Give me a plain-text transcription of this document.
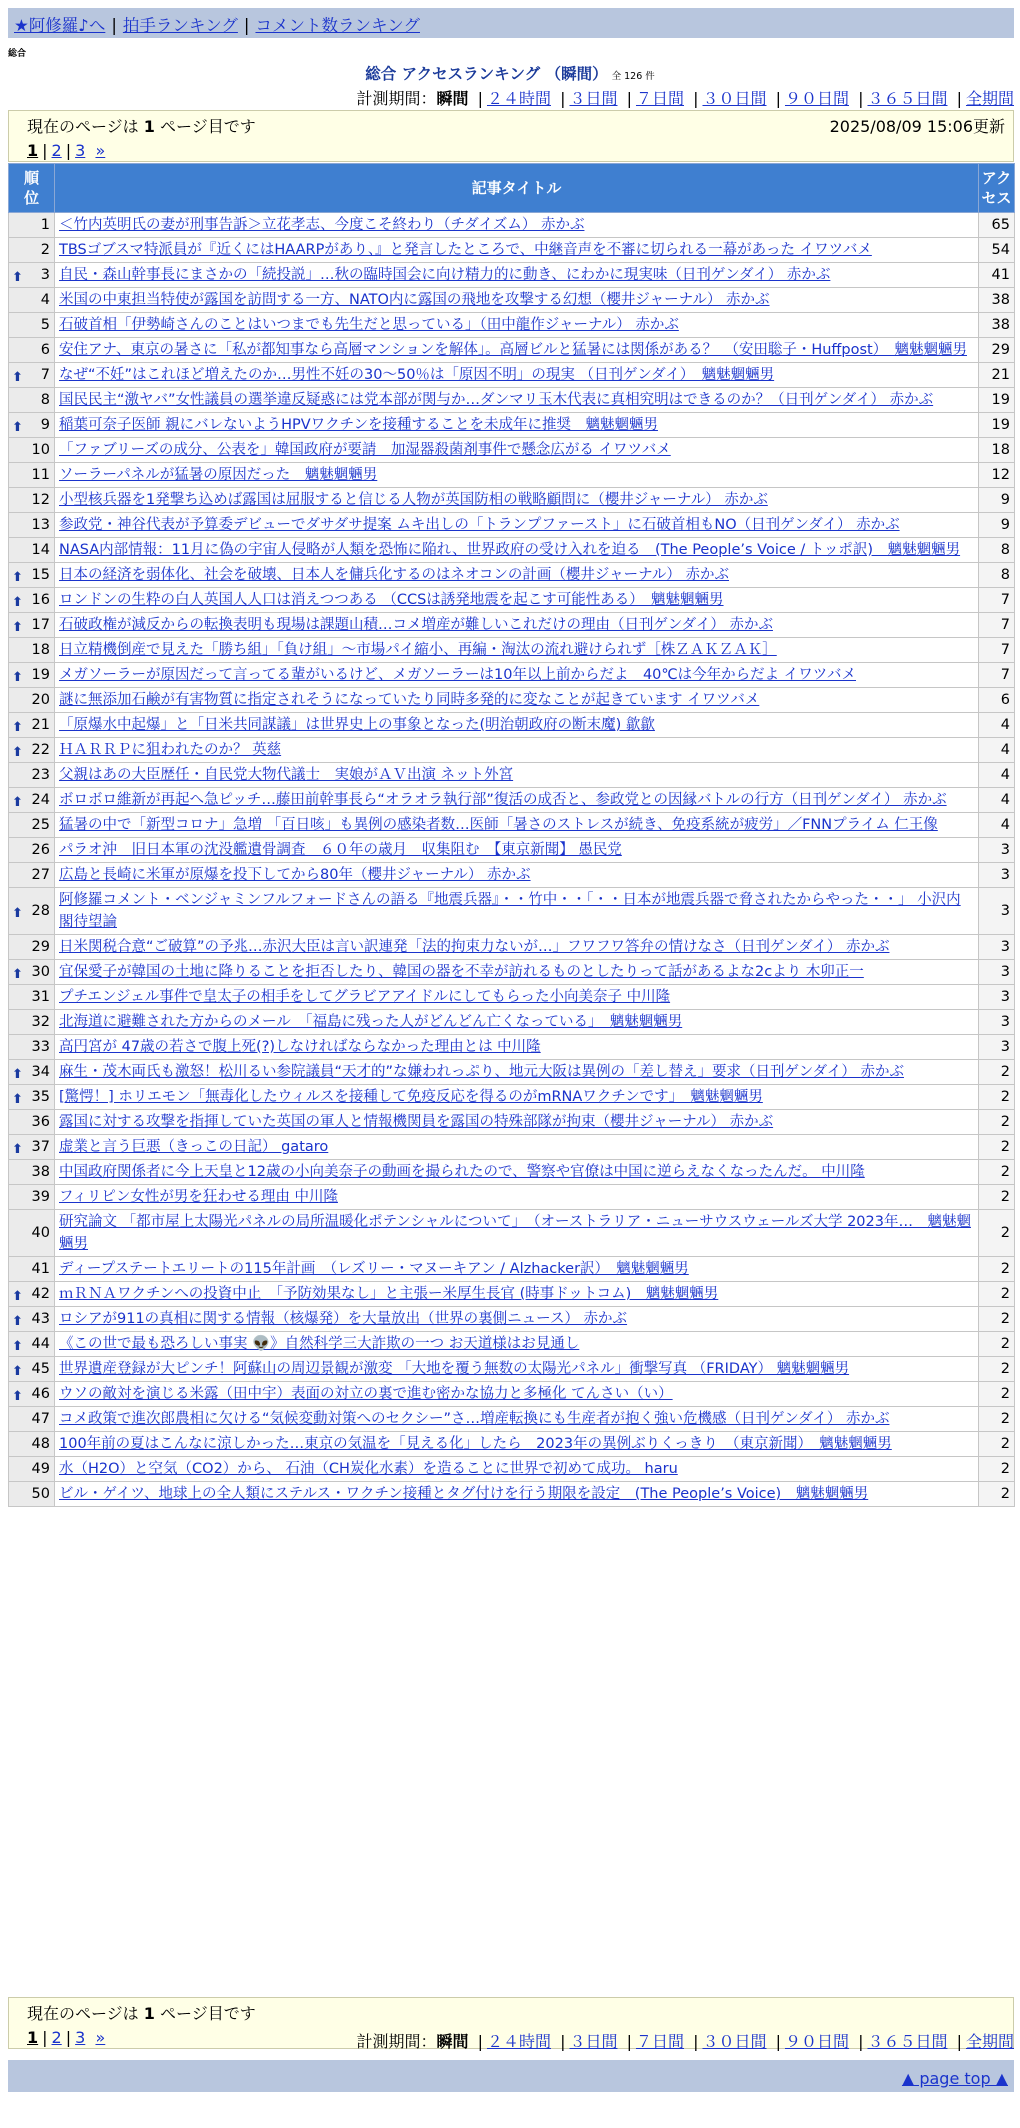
★阿修羅♪へ | 拍手ランキング | コメント数ランキング
総合
総合 アクセスランキング （瞬間） 全 126 件
計測期間：瞬間 | ２４時間 | ３日間 | ７日間 | ３０日間 | ９０日間 | ３６５日間 | 全期間
現在のページは 1 ページ目です	2025/08/09 15:06更新
1 | 2 | 3 »
順位	記事タイトル	アクセス
1	＜竹内英明氏の妻が刑事告訴＞立花孝志、今度こそ終わり（チダイズム） 赤かぶ	65
2	TBSゴブスマ特派員が『近くにはHAARPがあり、』と発言したところで、中継音声を不審に切られる一幕があった イワツバメ	54

⬆ 3	自民・森山幹事長にまさかの「続投説」…秋の臨時国会に向け精力的に動き、にわかに現実味（日刊ゲンダイ） 赤かぶ	41
4	米国の中東担当特使が露国を訪問する一方、NATO内に露国の飛地を攻撃する幻想（櫻井ジャーナル） 赤かぶ	38
5	石破首相「伊勢崎さんのことはいつまでも先生だと思っている」（田中龍作ジャーナル） 赤かぶ	38
6	安住アナ、東京の暑さに「私が都知事なら高層マンションを解体」。高層ビルと猛暑には関係がある？　（安田聡子・Huffpost）　魑魅魍魎男	29

⬆ 7	なぜ“不妊”はこれほど増えたのか…男性不妊の30～50％は「原因不明」の現実 （日刊ゲンダイ）　魑魅魍魎男	21
8	国民民主“激ヤバ”女性議員の選挙違反疑惑には党本部が関与か…ダンマリ玉木代表に真相究明はできるのか？（日刊ゲンダイ） 赤かぶ	19

⬆ 9	稲葉可奈子医師 親にバレないようHPVワクチンを接種することを未成年に推奨　魑魅魍魎男	19
10	「ファブリーズの成分、公表を」韓国政府が要請　加湿器殺菌剤事件で懸念広がる イワツバメ	18
11	ソーラーパネルが猛暑の原因だった　魑魅魍魎男	12
12	小型核兵器を1発撃ち込めば露国は屈服すると信じる人物が英国防相の戦略顧問に（櫻井ジャーナル） 赤かぶ	9
13	参政党・神谷代表が予算委デビューでダサダサ提案 ムキ出しの「トランプファースト」に石破首相もNO（日刊ゲンダイ） 赤かぶ	9
14	NASA内部情報：11月に偽の宇宙人侵略が人類を恐怖に陥れ、世界政府の受け入れを迫る　(The People’s Voice / トッポ訳)　魑魅魍魎男	8

⬆ 15	日本の経済を弱体化、社会を破壊、日本人を傭兵化するのはネオコンの計画（櫻井ジャーナル） 赤かぶ	8

⬆ 16	ロンドンの生粋の白人英国人人口は消えつつある （CCSは誘発地震を起こす可能性ある）　魑魅魍魎男	7

⬆ 17	石破政権が減反からの転換表明も現場は課題山積…コメ増産が難しいこれだけの理由（日刊ゲンダイ） 赤かぶ	7
18	日立精機倒産で見えた「勝ち組」「負け組」～市場パイ縮小、再編・淘汰の流れ避けられず［株ＺＡＫＺＡＫ］	7

⬆ 19	メガソーラーが原因だって言ってる輩がいるけど、メガソーラーは10年以上前からだよ　40℃は今年からだよ イワツバメ	7
20	謎に無添加石鹸が有害物質に指定されそうになっていたり同時多発的に変なことが起きています イワツバメ	6

⬆ 21	「原爆水中起爆」と「日米共同謀議」は世界史上の事象となった(明治朝政府の断末魔) 歙歙	4

⬆ 22	ＨＡＲＲＰに狙われたのか？ 英慈	4
23	父親はあの大臣歴任・自民党大物代議士　実娘がＡＶ出演 ネット外宮	4

⬆ 24	ボロボロ維新が再起へ急ピッチ…藤田前幹事長ら“オラオラ執行部”復活の成否と、参政党との因縁バトルの行方（日刊ゲンダイ） 赤かぶ	4
25	猛暑の中で「新型コロナ」急増 「百日咳」も異例の感染者数…医師「暑さのストレスが続き、免疫系統が疲労」／FNNプライム 仁王像	4
26	パラオ沖　旧日本軍の沈没艦遺骨調査　６０年の歳月　収集阻む　【東京新聞】 愚民党	3
27	広島と長崎に米軍が原爆を投下してから80年（櫻井ジャーナル） 赤かぶ	3

⬆ 28	阿修羅コメント・ベンジャミンフルフォードさんの語る『地震兵器』・・竹中・・「・・日本が地震兵器で脅されたからやった・・」 小沢内閣待望論	3
29	日米関税合意“ご破算”の予兆…赤沢大臣は言い訳連発「法的拘束力ないが…」フワフワ答弁の情けなさ（日刊ゲンダイ） 赤かぶ	3

⬆ 30	宜保愛子が韓国の土地に降りることを拒否したり、韓国の器を不幸が訪れるものとしたりって話があるよな2cより 木卯正一	3
31	プチエンジェル事件で皇太子の相手をしてグラビアアイドルにしてもらった小向美奈子 中川隆	3
32	北海道に避難された方からのメール　「福島に残った人がどんどん亡くなっている」　魑魅魍魎男	3
33	高円宮が 47歳の若さで腹上死(?)しなければならなかった理由とは 中川隆	3

⬆ 34	麻生・茂木両氏も激怒！松川るい参院議員“天才的”な嫌われっぷり、地元大阪は異例の「差し替え」要求（日刊ゲンダイ） 赤かぶ	2

⬆ 35	[驚愕！] ホリエモン「無毒化したウィルスを接種して免疫反応を得るのがmRNAワクチンです」　魑魅魍魎男	2
36	露国に対する攻撃を指揮していた英国の軍人と情報機関員を露国の特殊部隊が拘束（櫻井ジャーナル） 赤かぶ	2

⬆ 37	虚業と言う巨悪（きっこの日記） gataro	2
38	中国政府関係者に今上天皇と12歳の小向美奈子の動画を撮られたので、警察や官僚は中国に逆らえなくなったんだ。 中川隆	2
39	フィリピン女性が男を狂わせる理由 中川隆	2
40	研究論文 「都市屋上太陽光パネルの局所温暖化ポテンシャルについて」　（オーストラリア・ニューサウスウェールズ大学 2023年…　魑魅魍魎男	2
41	ディープステートエリートの115年計画　（レズリー・マヌーキアン / Alzhacker訳）　魑魅魍魎男	2

⬆ 42	ｍＲＮＡワクチンへの投資中止　「予防効果なし」と主張ー米厚生長官 (時事ドットコム)　魑魅魍魎男	2

⬆ 43	ロシアが911の真相に関する情報（核爆発）を大量放出（世界の裏側ニュース） 赤かぶ	2

⬆ 44	《この世で最も恐ろしい事実 👽》自然科学三大詐欺の一つ お天道様はお見通し	2

⬆ 45	世界遺産登録が大ピンチ！阿蘇山の周辺景観が激変 「大地を覆う無数の太陽光パネル」衝撃写真 （FRIDAY） 魑魅魍魎男	2

⬆ 46	ウソの敵対を演じる米露（田中宇）表面の対立の裏で進む密かな協力と多極化 てんさい（い）	2
47	コメ政策で進次郎農相に欠ける“気候変動対策へのセクシー”さ…増産転換にも生産者が抱く強い危機感（日刊ゲンダイ） 赤かぶ	2
48	100年前の夏はこんなに涼しかった…東京の気温を「見える化」したら　2023年の異例ぶりくっきり　（東京新聞）　魑魅魍魎男	2
49	水（H2O）と空気（CO2）から、 石油（CH炭化水素）を造ることに世界で初めて成功。 haru	2
50	ビル・ゲイツ、地球上の全人類にステルス・ワクチン接種とタグ付けを行う期限を設定　(The People’s Voice)　魑魅魍魎男	2
現在のページは 1 ページ目です
1 | 2 | 3 »	計測期間：瞬間 | ２４時間 | ３日間 | ７日間 | ３０日間 | ９０日間 | ３６５日間 | 全期間
▲ page top ▲
